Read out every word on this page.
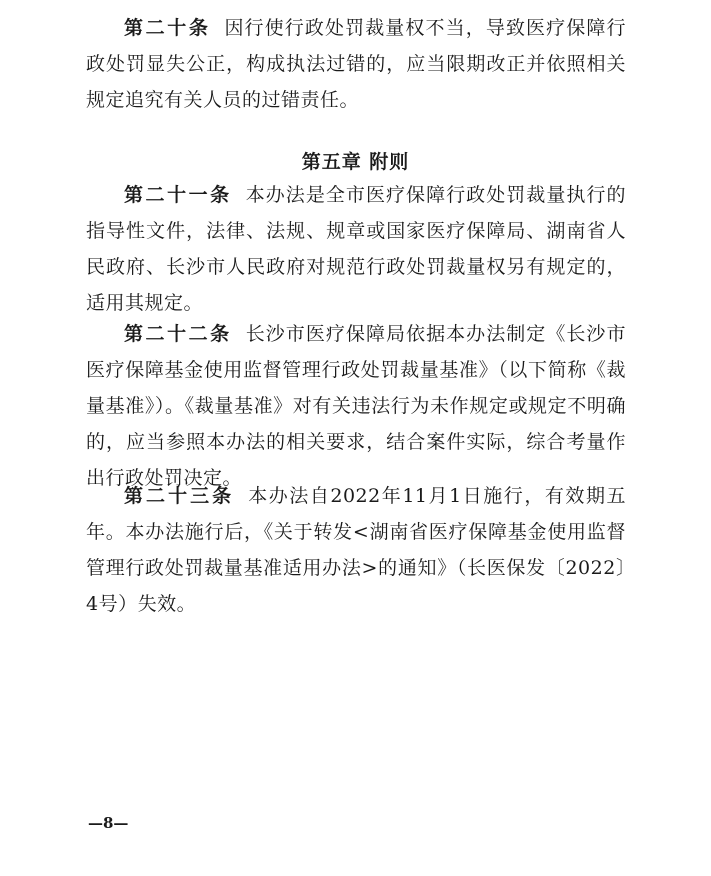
第二十条 因行使行政处罚裁量权不当，导致医疗保障行政处罚显失公正，构成执法过错的，应当限期改正并依照相关规定追究有关人员的过错责任。

第五章 附则

第二十一条 本办法是全市医疗保障行政处罚裁量执行的指导性文件，法律、法规、规章或国家医疗保障局、湖南省人民政府、长沙市人民政府对规范行政处罚裁量权另有规定的，适用其规定。

第二十二条 长沙市医疗保障局依据本办法制定《长沙市医疗保障基金使用监督管理行政处罚裁量基准》（以下简称《裁量基准》）。《裁量基准》对有关违法行为未作规定或规定不明确的，应当参照本办法的相关要求，结合案件实际，综合考量作出行政处罚决定。

第二十三条 本办法自2022年11月1日施行，有效期五年。本办法施行后，《关于转发<湖南省医疗保障基金使用监督管理行政处罚裁量基准适用办法>的通知》（长医保发〔2022〕4号）失效。

—8—
